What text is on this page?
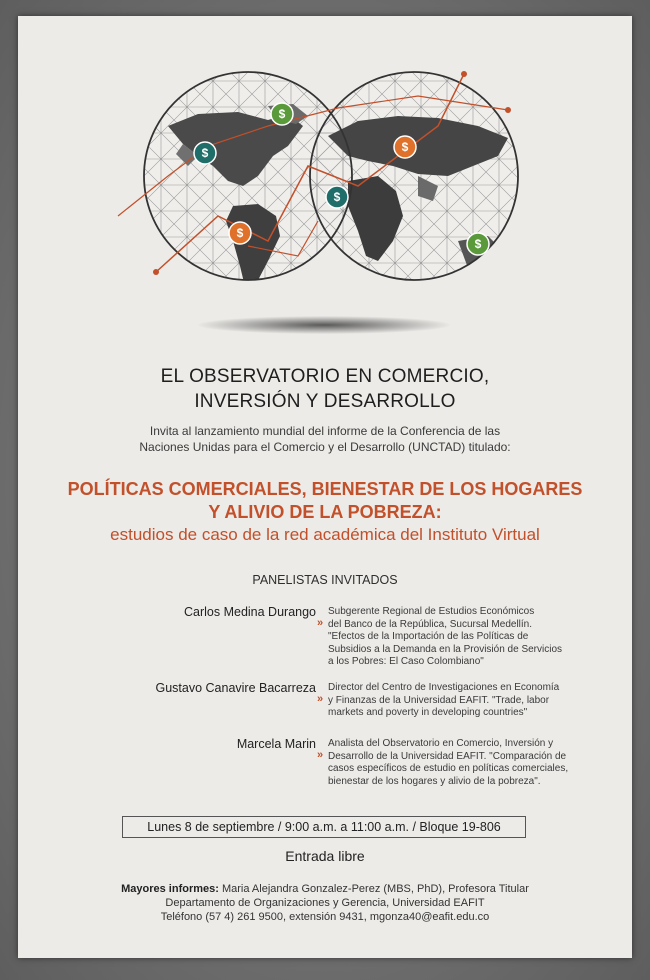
$
$	$
$
$
$
EL OBSERVATORIO EN COMERCIO,
INVERSIÓN Y DESARROLLO
Invita al lanzamiento mundial del informe de la Conferencia de las
Naciones Unidas para el Comercio y el Desarrollo (UNCTAD) titulado:
POLÍTICAS COMERCIALES, BIENESTAR DE LOS HOGARES
Y ALIVIO DE LA POBREZA:
estudios de caso de la red académica del Instituto Virtual
PANELISTAS INVITADOS
Carlos Medina Durango
»
Subgerente Regional de Estudios Económicos
del Banco de la República, Sucursal Medellín.
"Efectos de la Importación de las Políticas de
Subsidios a la Demanda en la Provisión de Servicios
a los Pobres: El Caso Colombiano"
Gustavo Canavire Bacarreza
»
Director del Centro de Investigaciones en Economía
y Finanzas de la Universidad EAFIT. "Trade, labor
markets and poverty in developing countries"
Marcela Marin
»
Analista del Observatorio en Comercio, Inversión y
Desarrollo de la Universidad EAFIT. "Comparación de
casos específicos de estudio en políticas comerciales,
bienestar de los hogares y alivio de la pobreza".
Lunes 8 de septiembre / 9:00 a.m. a 11:00 a.m. / Bloque 19-806
Entrada libre
Mayores informes: Maria Alejandra Gonzalez-Perez (MBS, PhD), Profesora Titular
Departamento de Organizaciones y Gerencia, Universidad EAFIT
Teléfono (57 4) 261 9500, extensión 9431, mgonza40@eafit.edu.co
